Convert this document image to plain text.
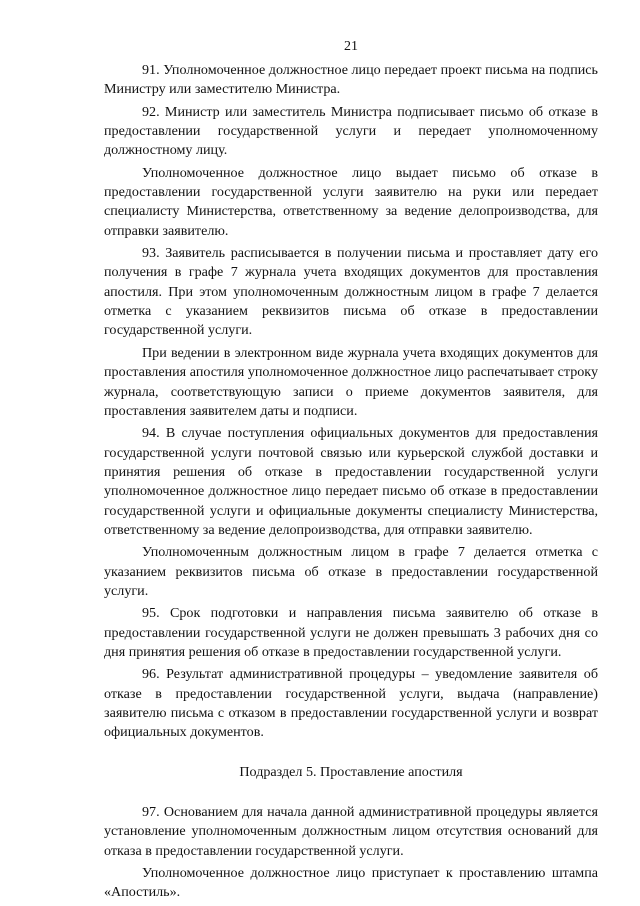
21

91. Уполномоченное должностное лицо передает проект письма на подпись Министру или заместителю Министра.

92. Министр или заместитель Министра подписывает письмо об отказе в предоставлении государственной услуги и передает уполномоченному должностному лицу.

Уполномоченное должностное лицо выдает письмо об отказе в предоставлении государственной услуги заявителю на руки или передает специалисту Министерства, ответственному за ведение делопроизводства, для отправки заявителю.

93. Заявитель расписывается в получении письма и проставляет дату его получения в графе 7 журнала учета входящих документов для проставления апостиля. При этом уполномоченным должностным лицом в графе 7 делается отметка с указанием реквизитов письма об отказе в предоставлении государственной услуги.

При ведении в электронном виде журнала учета входящих документов для проставления апостиля уполномоченное должностное лицо распечатывает строку журнала, соответствующую записи о приеме документов заявителя, для проставления заявителем даты и подписи.

94. В случае поступления официальных документов для предоставления государственной услуги почтовой связью или курьерской службой доставки и принятия решения об отказе в предоставлении государственной услуги уполномоченное должностное лицо передает письмо об отказе в предоставлении государственной услуги и официальные документы специалисту Министерства, ответственному за ведение делопроизводства, для отправки заявителю.

Уполномоченным должностным лицом в графе 7 делается отметка с указанием реквизитов письма об отказе в предоставлении государственной услуги.

95. Срок подготовки и направления письма заявителю об отказе в предоставлении государственной услуги не должен превышать 3 рабочих дня со дня принятия решения об отказе в предоставлении государственной услуги.

96. Результат административной процедуры – уведомление заявителя об отказе в предоставлении государственной услуги, выдача (направление) заявителю письма с отказом в предоставлении государственной услуги и возврат официальных документов.

Подраздел 5. Проставление апостиля

97. Основанием для начала данной административной процедуры является установление уполномоченным должностным лицом отсутствия оснований для отказа в предоставлении государственной услуги.

Уполномоченное должностное лицо приступает к проставлению штампа «Апостиль».
